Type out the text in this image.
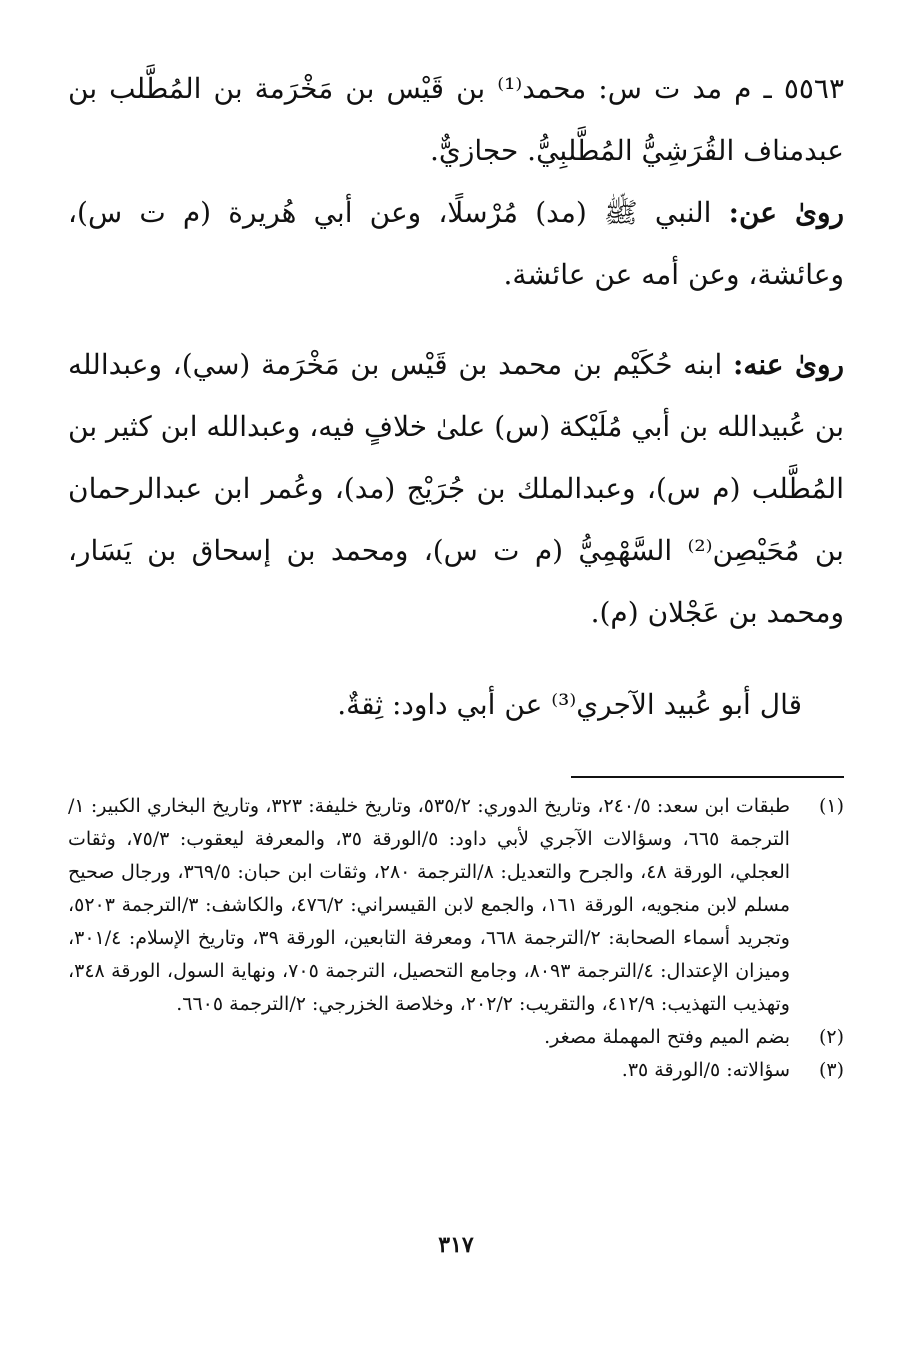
٥٥٦٣ ـ م مد ت س: محمد⁽¹⁾ بن قَيْس بن مَخْرَمة بن المُطَّلب بن عبدمناف القُرَشِيُّ المُطَّلبِيُّ. حجازيٌّ.

روىٰ عن: النبي ﷺ (مد) مُرْسلًا، وعن أبي هُريرة (م ت س)، وعائشة، وعن أمه عن عائشة.

روىٰ عنه: ابنه حُكَيْم بن محمد بن قَيْس بن مَخْرَمة (سي)، وعبدالله بن عُبيدالله بن أبي مُلَيْكة (س) علىٰ خلافٍ فيه، وعبدالله ابن كثير بن المُطَّلب (م س)، وعبدالملك بن جُرَيْج (مد)، وعُمر ابن عبدالرحمان بن مُحَيْصِن⁽²⁾ السَّهْمِيُّ (م ت س)، ومحمد بن إسحاق بن يَسَار، ومحمد بن عَجْلان (م).

قال أبو عُبيد الآجري⁽³⁾ عن أبي داود: ثِقةٌ.

(١)
طبقات ابن سعد: ٢٤٠/٥، وتاريخ الدوري: ٥٣٥/٢، وتاريخ خليفة: ٣٢٣، وتاريخ البخاري الكبير: ١/الترجمة ٦٦٥، وسؤالات الآجري لأبي داود: ٥/الورقة ٣٥، والمعرفة ليعقوب: ٧٥/٣، وثقات العجلي، الورقة ٤٨، والجرح والتعديل: ٨/الترجمة ٢٨٠، وثقات ابن حبان: ٣٦٩/٥، ورجال صحيح مسلم لابن منجويه، الورقة ١٦١، والجمع لابن القيسراني: ٤٧٦/٢، والكاشف: ٣/الترجمة ٥٢٠٣، وتجريد أسماء الصحابة: ٢/الترجمة ٦٦٨، ومعرفة التابعين، الورقة ٣٩، وتاريخ الإسلام: ٣٠١/٤، وميزان الإعتدال: ٤/الترجمة ٨٠٩٣، وجامع التحصيل، الترجمة ٧٠٥، ونهاية السول، الورقة ٣٤٨، وتهذيب التهذيب: ٤١٢/٩، والتقريب: ٢٠٢/٢، وخلاصة الخزرجي: ٢/الترجمة ٦٦٠٥.
(٢)
بضم الميم وفتح المهملة مصغر.
(٣)
سؤالاته: ٥/الورقة ٣٥.
٣١٧
